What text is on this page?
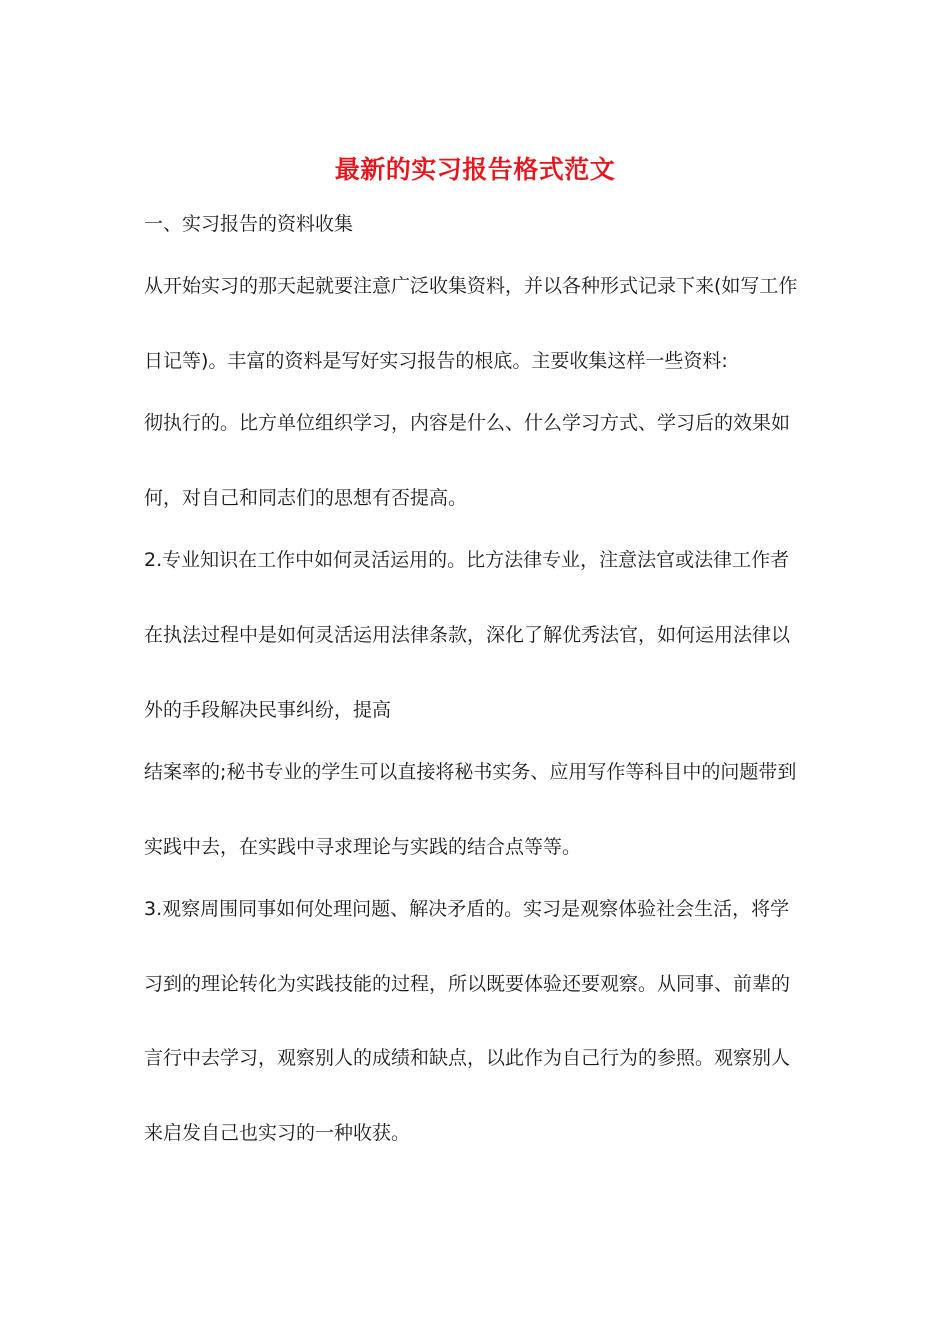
最新的实习报告格式范文
一、实习报告的资料收集
从开始实习的那天起就要注意广泛收集资料，并以各种形式记录下来(如写工作
日记等)。丰富的资料是写好实习报告的根底。主要收集这样一些资料:
彻执行的。比方单位组织学习，内容是什么、什么学习方式、学习后的效果如
何，对自己和同志们的思想有否提高。
2.专业知识在工作中如何灵活运用的。比方法律专业，注意法官或法律工作者
在执法过程中是如何灵活运用法律条款，深化了解优秀法官，如何运用法律以
外的手段解决民事纠纷，提高
结案率的;秘书专业的学生可以直接将秘书实务、应用写作等科目中的问题带到
实践中去，在实践中寻求理论与实践的结合点等等。
3.观察周围同事如何处理问题、解决矛盾的。实习是观察体验社会生活，将学
习到的理论转化为实践技能的过程，所以既要体验还要观察。从同事、前辈的
言行中去学习，观察别人的成绩和缺点，以此作为自己行为的参照。观察别人
来启发自己也实习的一种收获。
